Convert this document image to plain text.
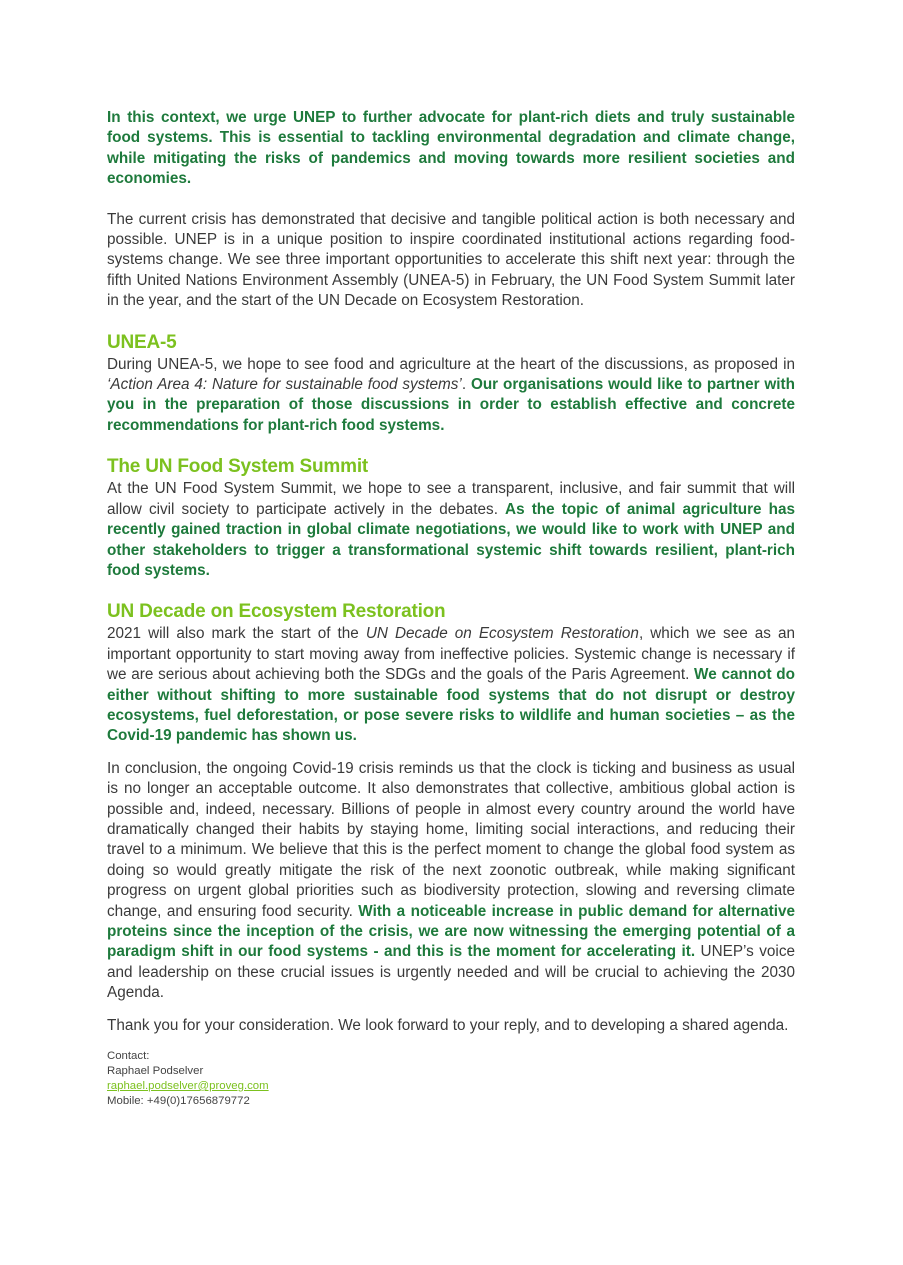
In this context, we urge UNEP to further advocate for plant-rich diets and truly sustainable food systems. This is essential to tackling environmental degradation and climate change, while mitigating the risks of pandemics and moving towards more resilient societies and economies.

The current crisis has demonstrated that decisive and tangible political action is both necessary and possible. UNEP is in a unique position to inspire coordinated institutional actions regarding food-systems change. We see three important opportunities to accelerate this shift next year: through the fifth United Nations Environment Assembly (UNEA-5) in February, the UN Food System Summit later in the year, and the start of the UN Decade on Ecosystem Restoration.

UNEA-5

During UNEA-5, we hope to see food and agriculture at the heart of the discussions, as proposed in ‘Action Area 4: Nature for sustainable food systems’. Our organisations would like to partner with you in the preparation of those discussions in order to establish effective and concrete recommendations for plant-rich food systems.

The UN Food System Summit

At the UN Food System Summit, we hope to see a transparent, inclusive, and fair summit that will allow civil society to participate actively in the debates. As the topic of animal agriculture has recently gained traction in global climate negotiations, we would like to work with UNEP and other stakeholders to trigger a transformational systemic shift towards resilient, plant-rich food systems.

UN Decade on Ecosystem Restoration

2021 will also mark the start of the UN Decade on Ecosystem Restoration, which we see as an important opportunity to start moving away from ineffective policies. Systemic change is necessary if we are serious about achieving both the SDGs and the goals of the Paris Agreement. We cannot do either without shifting to more sustainable food systems that do not disrupt or destroy ecosystems, fuel deforestation, or pose severe risks to wildlife and human societies – as the Covid-19 pandemic has shown us.

In conclusion, the ongoing Covid-19 crisis reminds us that the clock is ticking and business as usual is no longer an acceptable outcome. It also demonstrates that collective, ambitious global action is possible and, indeed, necessary. Billions of people in almost every country around the world have dramatically changed their habits by staying home, limiting social interactions, and reducing their travel to a minimum. We believe that this is the perfect moment to change the global food system as doing so would greatly mitigate the risk of the next zoonotic outbreak, while making significant progress on urgent global priorities such as biodiversity protection, slowing and reversing climate change, and ensuring food security. With a noticeable increase in public demand for alternative proteins since the inception of the crisis, we are now witnessing the emerging potential of a paradigm shift in our food systems - and this is the moment for accelerating it. UNEP’s voice and leadership on these crucial issues is urgently needed and will be crucial to achieving the 2030 Agenda.

Thank you for your consideration. We look forward to your reply, and to developing a shared agenda.

Contact:
Raphael Podselver
raphael.podselver@proveg.com
Mobile: +49(0)17656879772
